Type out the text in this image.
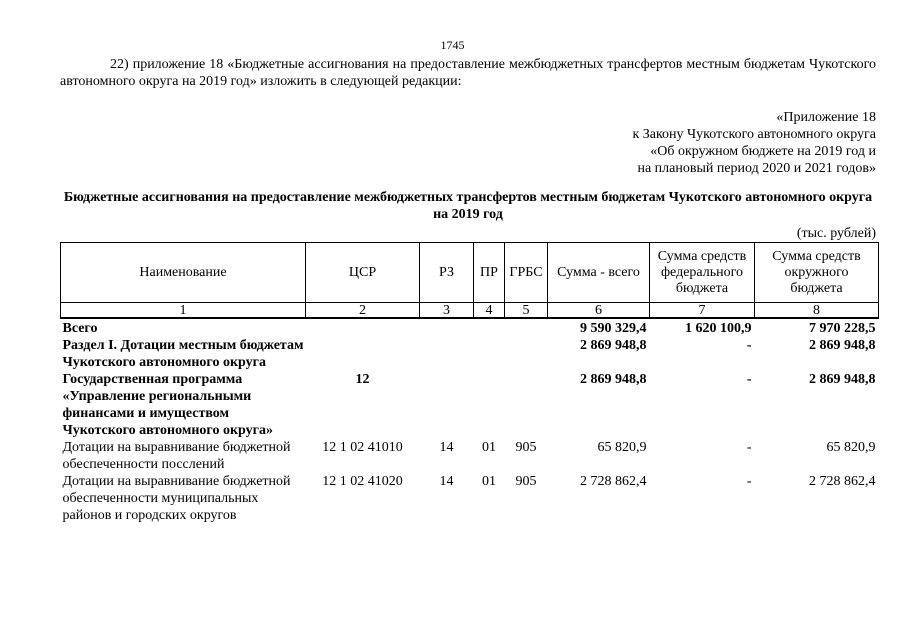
1745
22) приложение 18 «Бюджетные ассигнования на предоставление межбюджетных трансфертов местным бюджетам Чукотского автономного округа на 2019 год» изложить в следующей редакции:
«Приложение 18
к Закону Чукотского автономного округа
«Об окружном бюджете на 2019 год и
на плановый период 2020 и 2021 годов»
Бюджетные ассигнования на предоставление межбюджетных трансфертов местным бюджетам Чукотского автономного округа на 2019 год
(тыс. рублей)
Наименование	ЦСР	РЗ	ПР	ГРБС	Сумма - всего	Сумма средств федерального бюджета	Сумма средств окружного бюджета
1	2	3	4	5	6	7	8
Всего					9 590 329,4	1 620 100,9	7 970 228,5
Раздел I. Дотации местным бюджетам Чукотского автономного округа					2 869 948,8	-	2 869 948,8
Государственная программа «Управление региональными финансами и имуществом Чукотского автономного округа»	12				2 869 948,8	-	2 869 948,8
Дотации на выравнивание бюджетной обеспеченности посслений	12 1 02 41010	14	01	905	65 820,9	-	65 820,9
Дотации на выравнивание бюджетной обеспеченности муниципальных районов и городских округов	12 1 02 41020	14	01	905	2 728 862,4	-	2 728 862,4
